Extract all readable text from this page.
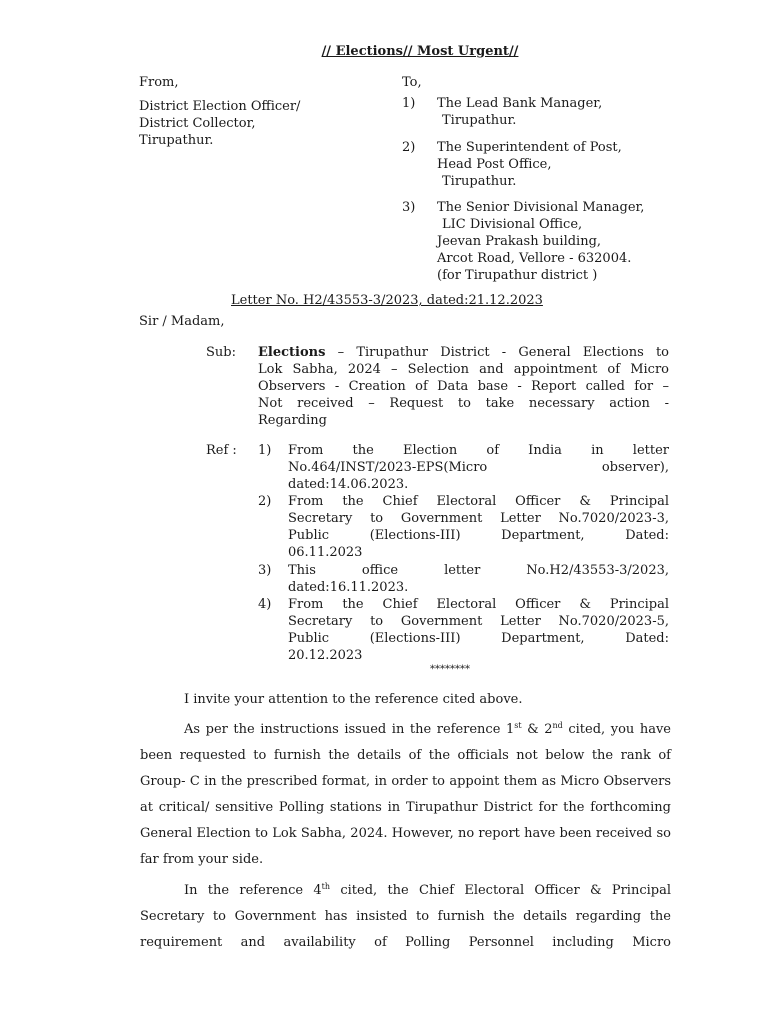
// Elections// Most Urgent//
From,
District Election Officer/
District Collector,
Tirupathur.
To,
1) The Lead Bank Manager,
Tirupathur.
2) The Superintendent of Post,
Head Post Office,
Tirupathur.
3) The Senior Divisional Manager,
LIC Divisional Office,
Jeevan Prakash building,
Arcot Road, Vellore - 632004.
(for Tirupathur district )
Letter No. H2/43553-3/2023, dated:21.12.2023
Sir / Madam,
Sub: Elections – Tirupathur District - General Elections to
Lok Sabha, 2024 – Selection and appointment of Micro
Observers - Creation of Data base - Report called for –
Not received – Request to take necessary action -
Regarding
Ref : 1) From the Election of India in letter
No.464/INST/2023-EPS(Micro observer),
dated:14.06.2023.
2) From the Chief Electoral Officer & Principal
Secretary to Government Letter No.7020/2023-3,
Public (Elections-III) Department, Dated:
06.11.2023
3) This office letter No.H2/43553-3/2023,
dated:16.11.2023.
4) From the Chief Electoral Officer & Principal
Secretary to Government Letter No.7020/2023-5,
Public (Elections-III) Department, Dated:
20.12.2023
********
I invite your attention to the reference cited above.
As per the instructions issued in the reference 1st & 2nd cited, you have been requested to furnish the details of the officials not below the rank of Group- C in the prescribed format, in order to appoint them as Micro Observers at critical/ sensitive Polling stations in Tirupathur District for the forthcoming General Election to Lok Sabha, 2024. However, no report have been received so far from your side.
In the reference 4th cited, the Chief Electoral Officer & Principal Secretary to Government has insisted to furnish the details regarding the requirement and availability of Polling Personnel including Micro
